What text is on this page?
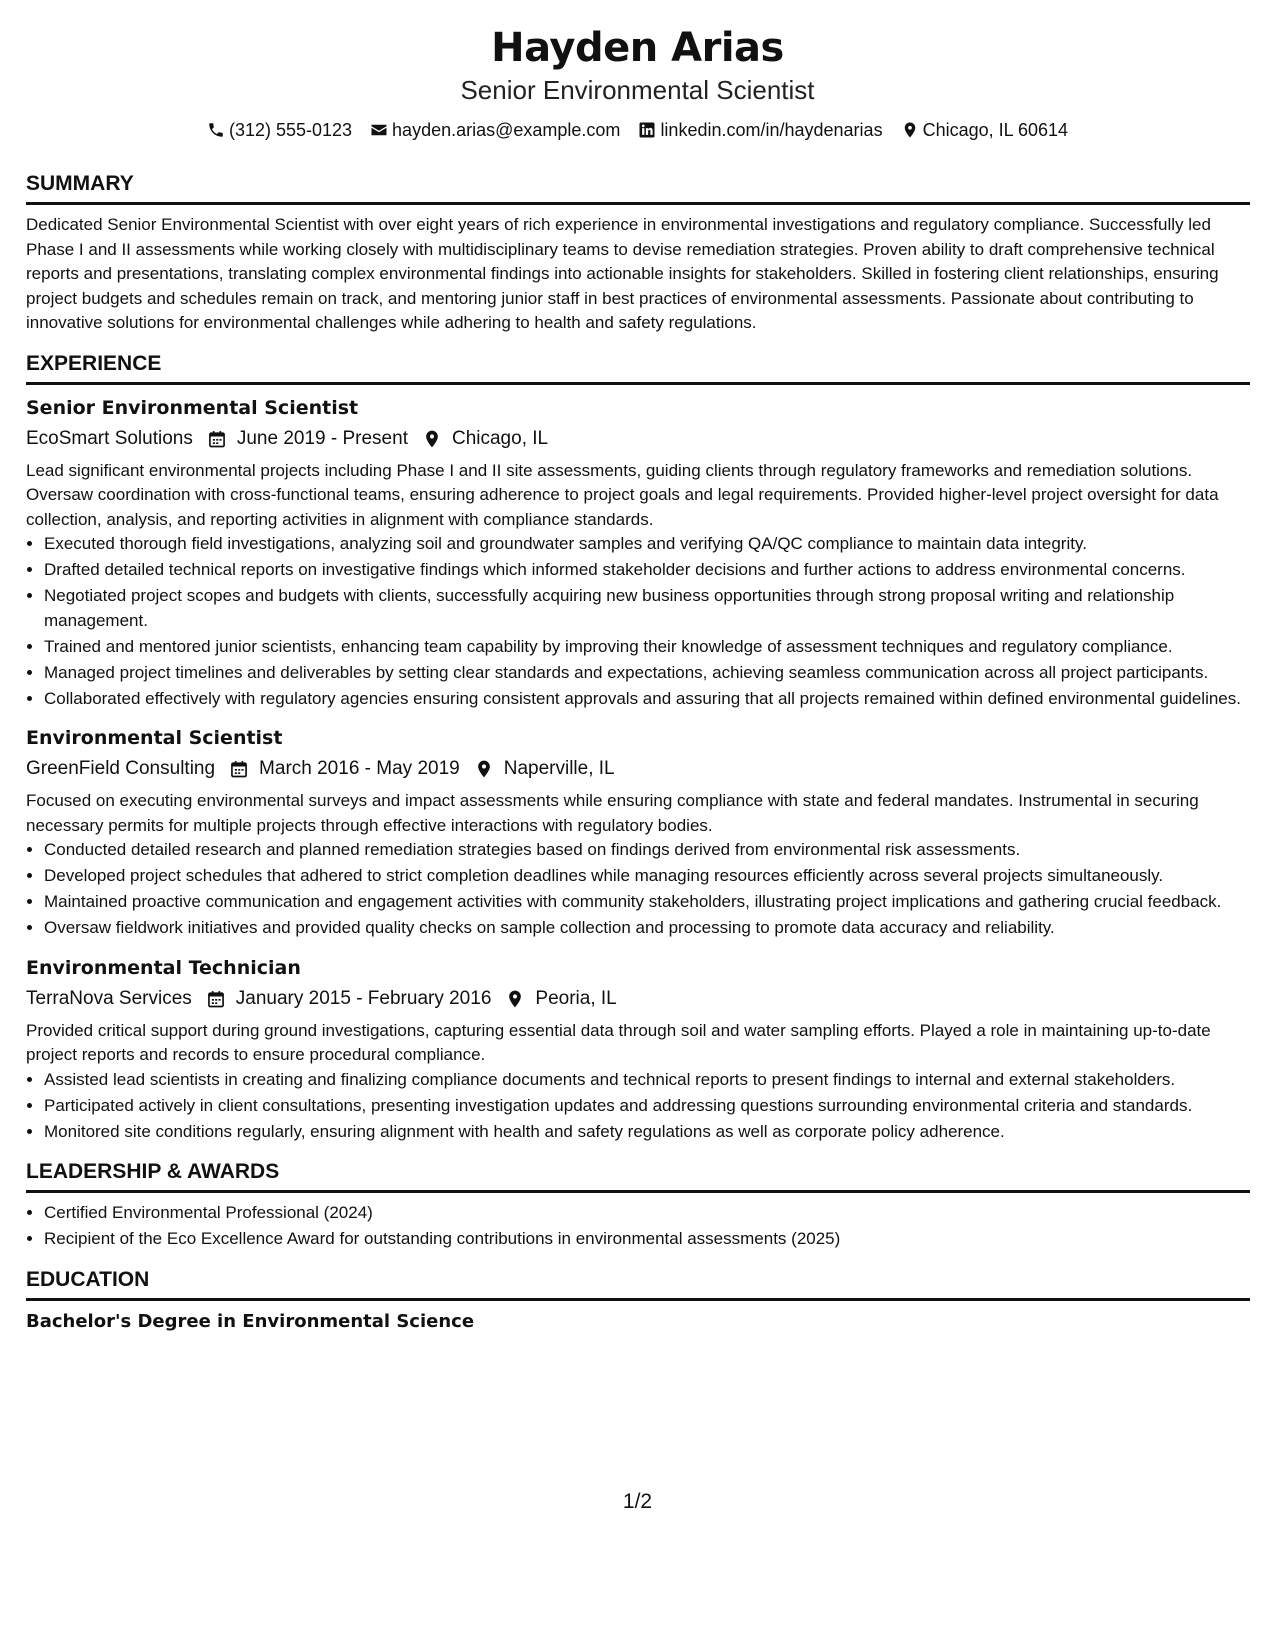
Hayden Arias
Senior Environmental Scientist
(312) 555-0123 hayden.arias@example.com linkedin.com/in/haydenarias Chicago, IL 60614
SUMMARY

Dedicated Senior Environmental Scientist with over eight years of rich experience in environmental investigations and regulatory compliance. Successfully led Phase I and II assessments while working closely with multidisciplinary teams to devise remediation strategies. Proven ability to draft comprehensive technical reports and presentations, translating complex environmental findings into actionable insights for stakeholders. Skilled in fostering client relationships, ensuring project budgets and schedules remain on track, and mentoring junior staff in best practices of environmental assessments. Passionate about contributing to innovative solutions for environmental challenges while adhering to health and safety regulations.

EXPERIENCE
Senior Environmental Scientist
EcoSmart Solutions June 2019 - Present Chicago, IL

Lead significant environmental projects including Phase I and II site assessments, guiding clients through regulatory frameworks and remediation solutions. Oversaw coordination with cross-functional teams, ensuring adherence to project goals and legal requirements. Provided higher-level project oversight for data collection, analysis, and reporting activities in alignment with compliance standards.

• Executed thorough field investigations, analyzing soil and groundwater samples and verifying QA/QC compliance to maintain data integrity.
• Drafted detailed technical reports on investigative findings which informed stakeholder decisions and further actions to address environmental concerns.
• Negotiated project scopes and budgets with clients, successfully acquiring new business opportunities through strong proposal writing and relationship management.
• Trained and mentored junior scientists, enhancing team capability by improving their knowledge of assessment techniques and regulatory compliance.
• Managed project timelines and deliverables by setting clear standards and expectations, achieving seamless communication across all project participants.
• Collaborated effectively with regulatory agencies ensuring consistent approvals and assuring that all projects remained within defined environmental guidelines.
Environmental Scientist
GreenField Consulting March 2016 - May 2019 Naperville, IL

Focused on executing environmental surveys and impact assessments while ensuring compliance with state and federal mandates. Instrumental in securing necessary permits for multiple projects through effective interactions with regulatory bodies.

• Conducted detailed research and planned remediation strategies based on findings derived from environmental risk assessments.
• Developed project schedules that adhered to strict completion deadlines while managing resources efficiently across several projects simultaneously.
• Maintained proactive communication and engagement activities with community stakeholders, illustrating project implications and gathering crucial feedback.
• Oversaw fieldwork initiatives and provided quality checks on sample collection and processing to promote data accuracy and reliability.
Environmental Technician
TerraNova Services January 2015 - February 2016 Peoria, IL

Provided critical support during ground investigations, capturing essential data through soil and water sampling efforts. Played a role in maintaining up-to-date project reports and records to ensure procedural compliance.

• Assisted lead scientists in creating and finalizing compliance documents and technical reports to present findings to internal and external stakeholders.
• Participated actively in client consultations, presenting investigation updates and addressing questions surrounding environmental criteria and standards.
• Monitored site conditions regularly, ensuring alignment with health and safety regulations as well as corporate policy adherence.
LEADERSHIP & AWARDS
• Certified Environmental Professional (2024)
• Recipient of the Eco Excellence Award for outstanding contributions in environmental assessments (2025)
EDUCATION
Bachelor's Degree in Environmental Science
1/2
